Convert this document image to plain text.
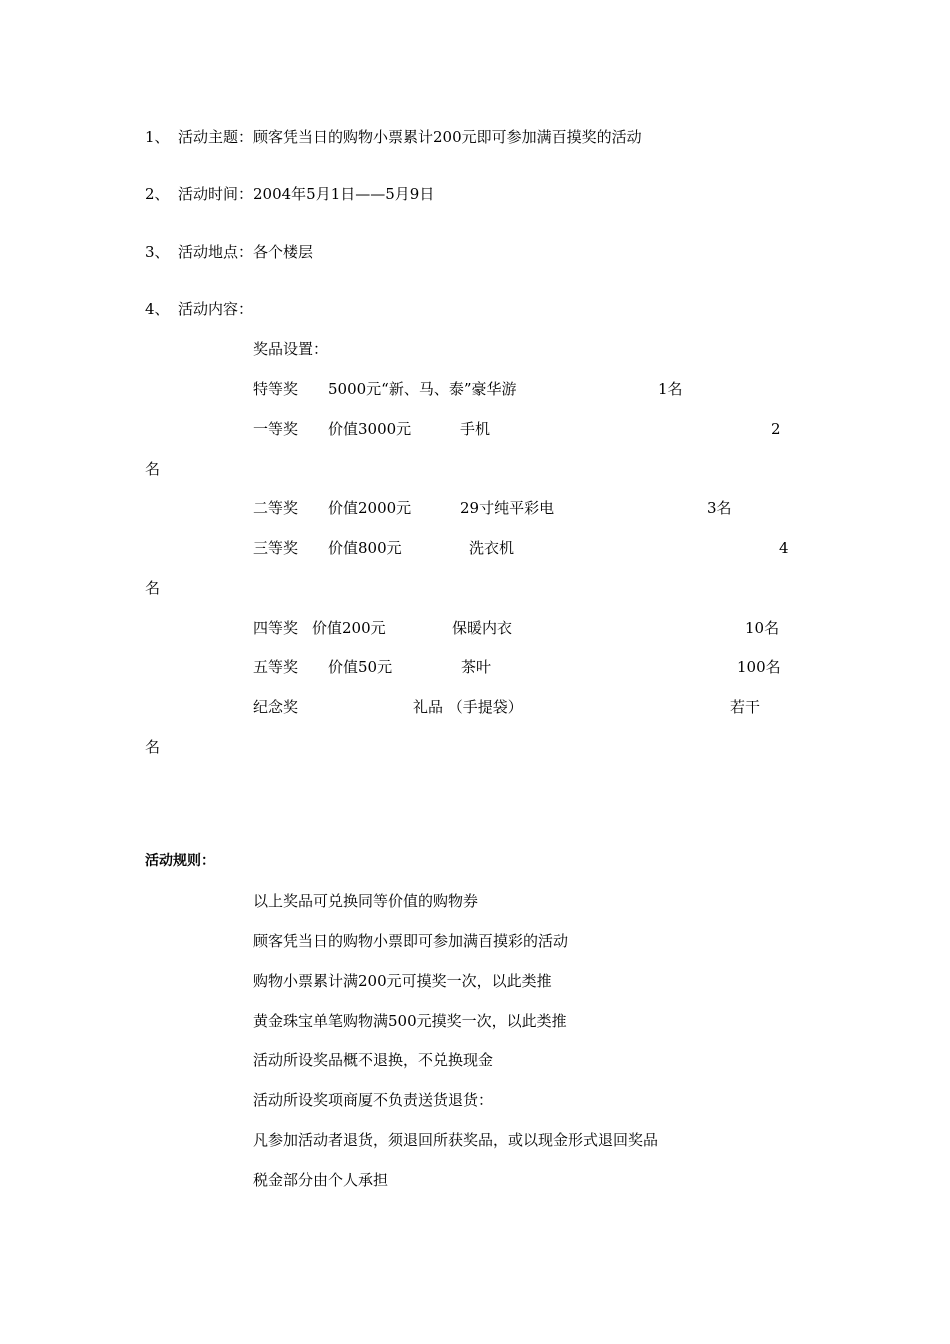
1、 活动主题：顾客凭当日的购物小票累计200元即可参加满百摸奖的活动
2、 活动时间：2004年5月1日——5月9日
3、 活动地点：各个楼层
4、 活动内容：
奖品设置：
特等奖 5000元“新、马、泰”豪华游	1名
一等奖 价值3000元	手机	2
名
二等奖 价值2000元	29寸纯平彩电	3名
三等奖 价值800元	洗衣机	4
名
四等奖 价值200元	保暖内衣	10名
五等奖 价值50元	茶叶	100名
纪念奖	礼品 （手提袋）	若干
名
活动规则：
以上奖品可兑换同等价值的购物券
顾客凭当日的购物小票即可参加满百摸彩的活动
购物小票累计满200元可摸奖一次，以此类推
黄金珠宝单笔购物满500元摸奖一次，以此类推
活动所设奖品概不退换，不兑换现金
活动所设奖项商厦不负责送货退货：
凡参加活动者退货，须退回所获奖品，或以现金形式退回奖品
税金部分由个人承担
